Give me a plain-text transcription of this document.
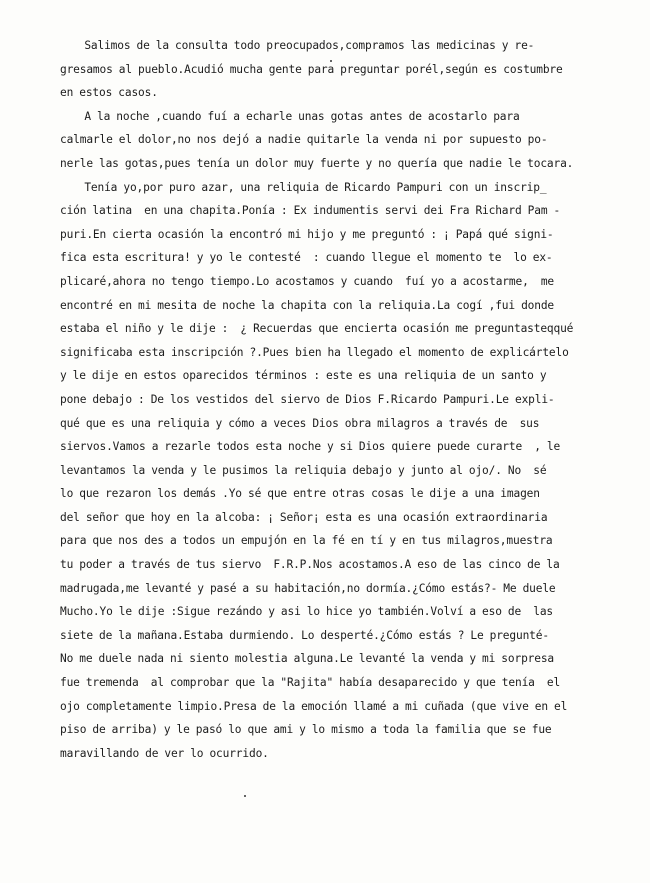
Salimos de la consulta todo preocupados,compramos las medicinas y re-
gresamos al pueblo.Acudió mucha gente para preguntar porél,según es costumbre
en estos casos.
A la noche ,cuando fuí a echarle unas gotas antes de acostarlo para
calmarle el dolor,no nos dejó a nadie quitarle la venda ni por supuesto po-
nerle las gotas,pues tenía un dolor muy fuerte y no quería que nadie le tocara.
Tenía yo,por puro azar, una reliquia de Ricardo Pampuri con un inscrip_
ción latina  en una chapita.Ponía : Ex indumentis servi dei Fra Richard Pam -
puri.En cierta ocasión la encontró mi hijo y me preguntó : ¡ Papá qué signi-
fica esta escritura! y yo le contesté  : cuando llegue el momento te  lo ex-
plicaré,ahora no tengo tiempo.Lo acostamos y cuando  fuí yo a acostarme,  me
encontré en mi mesita de noche la chapita con la reliquia.La cogí ,fui donde
estaba el niño y le dije :  ¿ Recuerdas que encierta ocasión me preguntasteqqué
significaba esta inscripción ?.Pues bien ha llegado el momento de explicártelo
y le dije en estos oparecidos términos : este es una reliquia de un santo y
pone debajo : De los vestidos del siervo de Dios F.Ricardo Pampuri.Le expli-
qué que es una reliquia y cómo a veces Dios obra milagros a través de  sus
siervos.Vamos a rezarle todos esta noche y si Dios quiere puede curarte  , le
levantamos la venda y le pusimos la reliquia debajo y junto al ojo/. No  sé
lo que rezaron los demás .Yo sé que entre otras cosas le dije a una imagen
del señor que hoy en la alcoba: ¡ Señor¡ esta es una ocasión extraordinaria
para que nos des a todos un empujón en la fé en tí y en tus milagros,muestra
tu poder a través de tus siervo  F.R.P.Nos acostamos.A eso de las cinco de la
madrugada,me levanté y pasé a su habitación,no dormía.¿Cómo estás?- Me duele
Mucho.Yo le dije :Sigue rezándo y asi lo hice yo también.Volví a eso de  las
siete de la mañana.Estaba durmiendo. Lo desperté.¿Cómo estás ? Le pregunté-
No me duele nada ni siento molestia alguna.Le levanté la venda y mi sorpresa
fue tremenda  al comprobar que la "Rajita" había desaparecido y que tenía  el
ojo completamente limpio.Presa de la emoción llamé a mi cuñada (que vive en el
piso de arriba) y le pasó lo que ami y lo mismo a toda la familia que se fue
maravillando de ver lo ocurrido.
